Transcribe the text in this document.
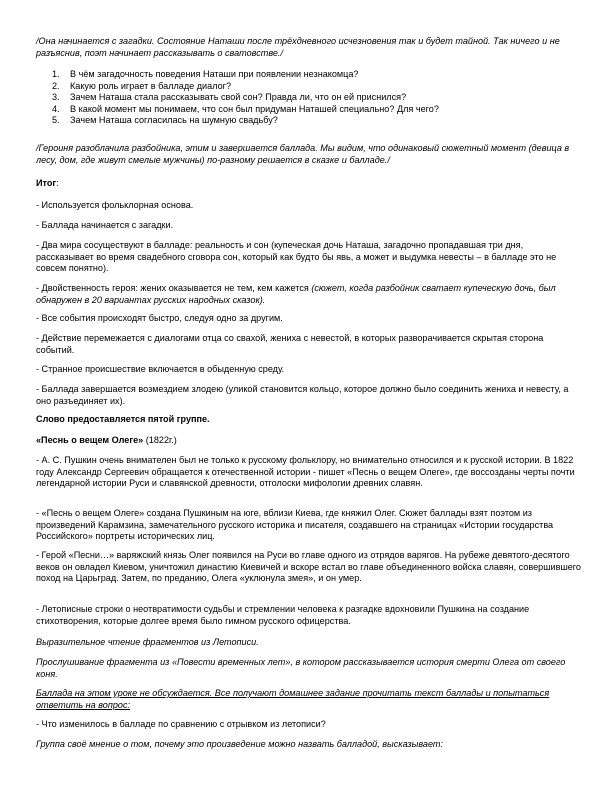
/Она начинается с загадки. Состояние Наташи после трёхдневного исчезновения так и будет тайной. Так ничего и не разъяснив, поэт начинает рассказывать о сватовстве./

1. В чём загадочность поведения Наташи при появлении незнакомца?
2. Какую роль играет в балладе диалог?
3. Зачем Наташа стала рассказывать свой сон? Правда ли, что он ей приснился?
4. В какой момент мы понимаем, что сон был придуман Наташей специально? Для чего?
5. Зачем Наташа согласилась на шумную свадьбу?

/Героиня разоблачила разбойника, этим и завершается баллада. Мы видим, что одинаковый сюжетный момент (девица в лесу, дом, где живут смелые мужчины) по-разному решается в сказке и балладе./

Итог:

- Используется фольклорная основа.

- Баллада начинается с загадки.

- Два мира сосуществуют в балладе: реальность и сон (купеческая дочь Наташа, загадочно пропадавшая три дня, рассказывает во время свадебного сговора сон, который как будто бы явь, а может и выдумка невесты – в балладе это не совсем понятно).

- Двойственность героя: жених оказывается не тем, кем кажется (сюжет, когда разбойник сватает купеческую дочь, был обнаружен в 20 вариантах русских народных сказок).

- Все события происходят быстро, следуя одно за другим.

- Действие перемежается с диалогами отца со свахой, жениха с невестой, в которых разворачивается скрытая сторона событий.

- Странное происшествие включается в обыденную среду.

- Баллада завершается возмездием злодею (уликой становится кольцо, которое должно было соединить жениха и невесту, а оно разъединяет их).

Слово предоставляется пятой группе.

«Песнь о вещем Олеге» (1822г.)

- А. С. Пушкин очень внимателен был не только к русскому фольклору, но внимательно относился и к русской истории. В 1822 году Александр Сергеевич обращается к отечественной истории - пишет «Песнь о вещем Олеге», где воссозданы черты почти легендарной истории Руси и славянской древности, отголоски мифологии древних славян.

- «Песнь о вещем Олеге» создана Пушкиным на юге, вблизи Киева, где княжил Олег. Сюжет баллады взят поэтом из произведений Карамзина, замечательного русского историка и писателя, создавшего на страницах «Истории государства Российского» портреты исторических лиц.

- Герой «Песни…» варяжский князь Олег появился на Руси во главе одного из отрядов варягов. На рубеже девятого-десятого веков он овладел Киевом, уничтожил династию Киевичей и вскоре встал во главе объединенного войска славян, совершившего поход на Царьград. Затем, по преданию, Олега «уклюнула змея», и он умер.

- Летописные строки о неотвратимости судьбы и стремлении человека к разгадке вдохновили Пушкина на создание стихотворения, которые долгее время было гимном русского офицерства.

Выразительное чтение фрагментов из Летописи.

Прослушивание фрагмента из «Повести временных лет», в котором рассказывается история смерти Олега от своего коня.

Баллада на этом уроке не обсуждается. Все получают домашнее задание прочитать текст баллады и попытаться ответить на вопрос:

- Что изменилось в балладе по сравнению с отрывком из летописи?

Группа своё мнение о том, почему это произведение можно назвать балладой, высказывает:
